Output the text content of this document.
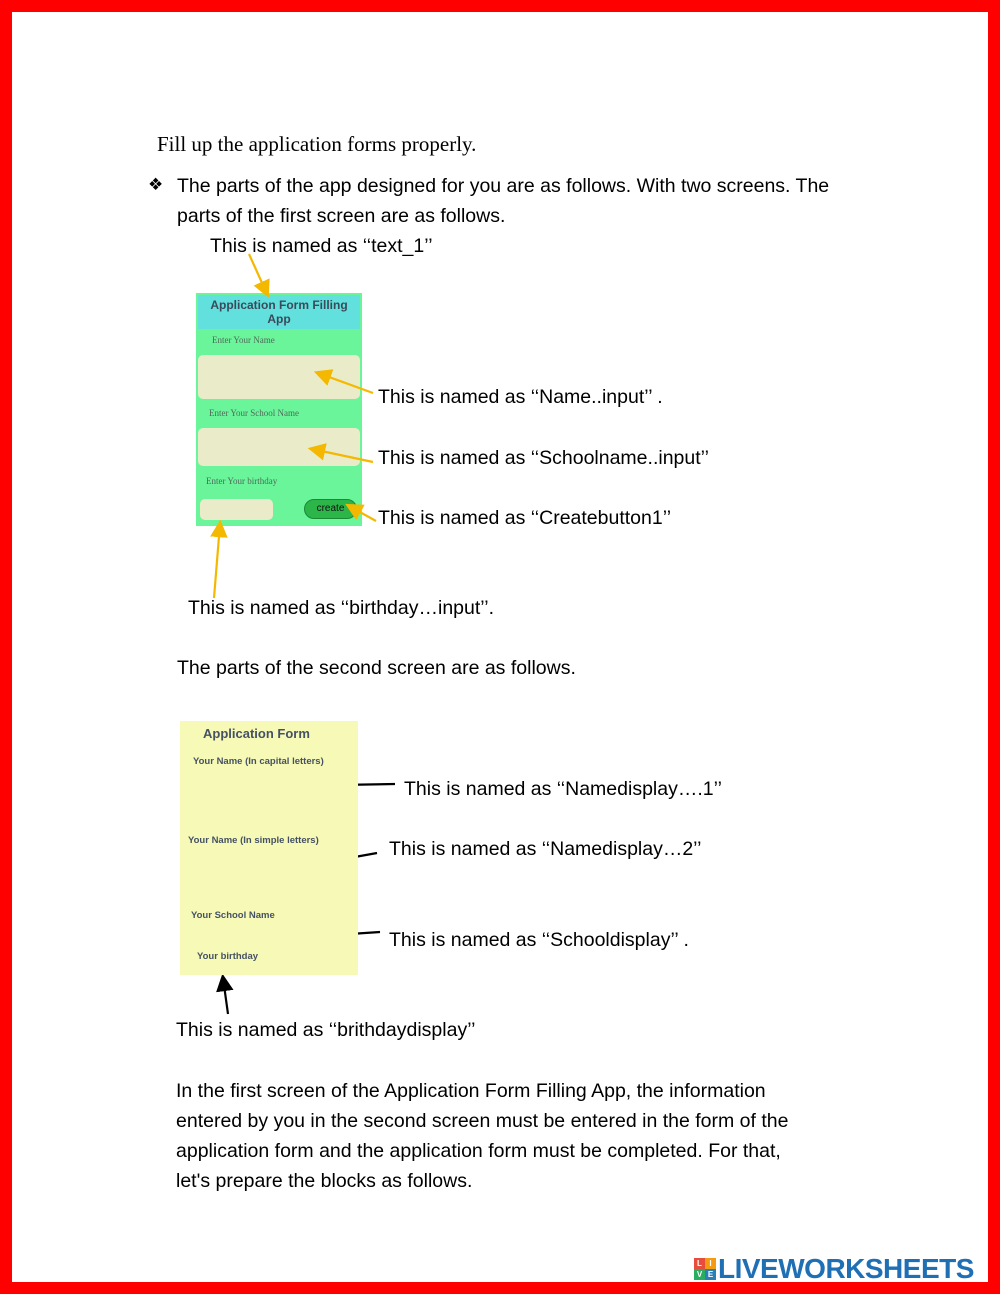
Fill up the application forms properly.
❖ The parts of the app designed for you are as follows. With two screens. The
parts of the first screen are as follows.
This is named as ‘‘text_1’’
This is named as ‘‘Name..input’’ .
This is named as ‘‘Schoolname..input’’
This is named as ‘‘Createbutton1’’
This is named as ‘‘birthday…input’’.
Application Form Filling App
Enter Your Name
Enter Your School Name
Enter Your birthday
create
The parts of the second screen are as follows.
Application Form
Your Name (In capital letters)
Your Name (In simple letters)
Your School Name
Your birthday
This is named as ‘‘Namedisplay….1’’
This is named as ‘‘Namedisplay…2’’
This is named as ‘‘Schooldisplay’’ .
This is named as ‘‘brithdaydisplay’’
In the first screen of the Application Form Filling App, the information
entered by you in the second screen must be entered in the form of the
application form and the application form must be completed. For that,
let's prepare the blocks as follows.
L I
V E LIVEWORKSHEETS
